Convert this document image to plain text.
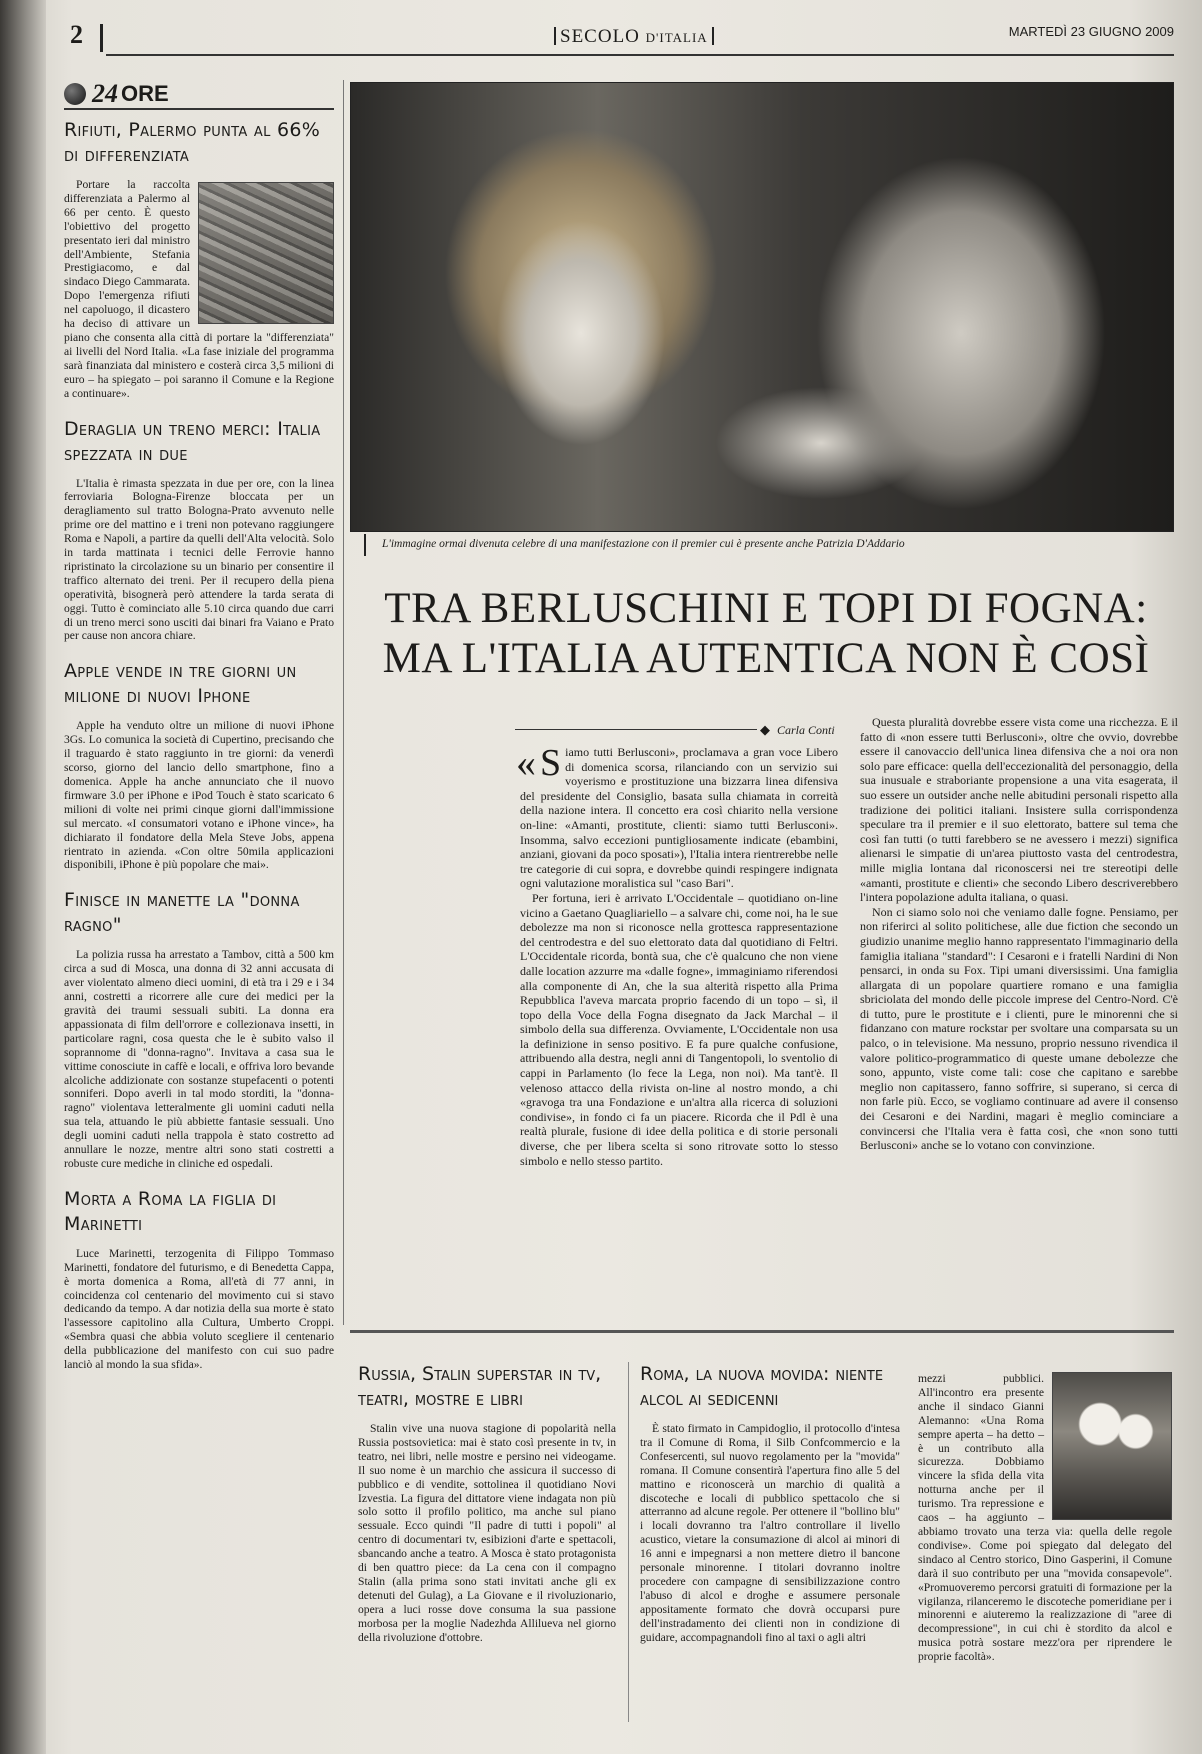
2	SECOLO D'ITALIA	MARTEDÌ 23 GIUGNO 2009
24 ORE
Rifiuti, Palermo punta al 66% di differenziata

Portare la raccolta differenziata a Palermo al 66 per cento. È questo l'obiettivo del progetto presentato ieri dal ministro dell'Ambiente, Stefania Prestigiacomo, e dal sindaco Diego Cammarata. Dopo l'emergenza rifiuti nel capoluogo, il dicastero ha deciso di attivare un piano che consenta alla città di portare la "differenziata" ai livelli del Nord Italia. «La fase iniziale del programma sarà finanziata dal ministero e costerà circa 3,5 milioni di euro – ha spiegato – poi saranno il Comune e la Regione a continuare».

Deraglia un treno merci: Italia spezzata in due

L'Italia è rimasta spezzata in due per ore, con la linea ferroviaria Bologna-Firenze bloccata per un deragliamento sul tratto Bologna-Prato avvenuto nelle prime ore del mattino e i treni non potevano raggiungere Roma e Napoli, a partire da quelli dell'Alta velocità. Solo in tarda mattinata i tecnici delle Ferrovie hanno ripristinato la circolazione su un binario per consentire il traffico alternato dei treni. Per il recupero della piena operatività, bisognerà però attendere la tarda serata di oggi. Tutto è cominciato alle 5.10 circa quando due carri di un treno merci sono usciti dai binari fra Vaiano e Prato per cause non ancora chiare.

Apple vende in tre giorni un milione di nuovi Iphone

Apple ha venduto oltre un milione di nuovi iPhone 3Gs. Lo comunica la società di Cupertino, precisando che il traguardo è stato raggiunto in tre giorni: da venerdì scorso, giorno del lancio dello smartphone, fino a domenica. Apple ha anche annunciato che il nuovo firmware 3.0 per iPhone e iPod Touch è stato scaricato 6 milioni di volte nei primi cinque giorni dall'immissione sul mercato. «I consumatori votano e iPhone vince», ha dichiarato il fondatore della Mela Steve Jobs, appena rientrato in azienda. «Con oltre 50mila applicazioni disponibili, iPhone è più popolare che mai».

Finisce in manette la "donna ragno"

La polizia russa ha arrestato a Tambov, città a 500 km circa a sud di Mosca, una donna di 32 anni accusata di aver violentato almeno dieci uomini, di età tra i 29 e i 34 anni, costretti a ricorrere alle cure dei medici per la gravità dei traumi sessuali subiti. La donna era appassionata di film dell'orrore e collezionava insetti, in particolare ragni, cosa questa che le è subito valso il soprannome di "donna-ragno". Invitava a casa sua le vittime conosciute in caffè e locali, e offriva loro bevande alcoliche addizionate con sostanze stupefacenti o potenti sonniferi. Dopo averli in tal modo storditi, la "donna-ragno" violentava letteralmente gli uomini caduti nella sua tela, attuando le più abbiette fantasie sessuali. Uno degli uomini caduti nella trappola è stato costretto ad annullare le nozze, mentre altri sono stati costretti a robuste cure mediche in cliniche ed ospedali.

Morta a Roma la figlia di Marinetti

Luce Marinetti, terzogenita di Filippo Tommaso Marinetti, fondatore del futurismo, e di Benedetta Cappa, è morta domenica a Roma, all'età di 77 anni, in coincidenza col centenario del movimento cui si stavo dedicando da tempo. A dar notizia della sua morte è stato l'assessore capitolino alla Cultura, Umberto Croppi. «Sembra quasi che abbia voluto scegliere il centenario della pubblicazione del manifesto con cui suo padre lanciò al mondo la sua sfida».

L'immagine ormai divenuta celebre di una manifestazione con il premier cui è presente anche Patrizia D'Addario

TRA BERLUSCHINI E TOPI DI FOGNA:
MA L'ITALIA AUTENTICA NON È COSÌ
◆ Carla Conti

« S iamo tutti Berlusconi», proclamava a gran voce Libero di domenica scorsa, rilanciando con un servizio sui voyerismo e prostituzione una bizzarra linea difensiva del presidente del Consiglio, basata sulla chiamata in correità della nazione intera. Il concetto era così chiarito nella versione on-line: «Amanti, prostitute, clienti: siamo tutti Berlusconi». Insomma, salvo eccezioni puntigliosamente indicate (ebambini, anziani, giovani da poco sposati»), l'Italia intera rientrerebbe nelle tre categorie di cui sopra, e dovrebbe quindi respingere indignata ogni valutazione moralistica sul "caso Bari".

Per fortuna, ieri è arrivato L'Occidentale – quotidiano on-line vicino a Gaetano Quagliariello – a salvare chi, come noi, ha le sue debolezze ma non si riconosce nella grottesca rappresentazione del centrodestra e del suo elettorato data dal quotidiano di Feltri. L'Occidentale ricorda, bontà sua, che c'è qualcuno che non viene dalle location azzurre ma «dalle fogne», immaginiamo riferendosi alla componente di An, che la sua alterità rispetto alla Prima Repubblica l'aveva marcata proprio facendo di un topo – sì, il topo della Voce della Fogna disegnato da Jack Marchal – il simbolo della sua differenza. Ovviamente, L'Occidentale non usa la definizione in senso positivo. E fa pure qualche confusione, attribuendo alla destra, negli anni di Tangentopoli, lo sventolio di cappi in Parlamento (lo fece la Lega, non noi). Ma tant'è. Il velenoso attacco della rivista on-line al nostro mondo, a chi «gravoga tra una Fondazione e un'altra alla ricerca di soluzioni condivise», in fondo ci fa un piacere. Ricorda che il Pdl è una realtà plurale, fusione di idee della politica e di storie personali diverse, che per libera scelta si sono ritrovate sotto lo stesso simbolo e nello stesso partito.

Questa pluralità dovrebbe essere vista come una ricchezza. E il fatto di «non essere tutti Berlusconi», oltre che ovvio, dovrebbe essere il canovaccio dell'unica linea difensiva che a noi ora non solo pare efficace: quella dell'eccezionalità del personaggio, della sua inusuale e straboriante propensione a una vita esagerata, il suo essere un outsider anche nelle abitudini personali rispetto alla tradizione dei politici italiani. Insistere sulla corrispondenza speculare tra il premier e il suo elettorato, battere sul tema che così fan tutti (o tutti farebbero se ne avessero i mezzi) significa alienarsi le simpatie di un'area piuttosto vasta del centrodestra, mille miglia lontana dal riconoscersi nei tre stereotipi delle «amanti, prostitute e clienti» che secondo Libero descriverebbero l'intera popolazione adulta italiana, o quasi.

Non ci siamo solo noi che veniamo dalle fogne. Pensiamo, per non riferirci al solito politichese, alle due fiction che secondo un giudizio unanime meglio hanno rappresentato l'immaginario della famiglia italiana "standard": I Cesaroni e i fratelli Nardini di Non pensarci, in onda su Fox. Tipi umani diversissimi. Una famiglia allargata di un popolare quartiere romano e una famiglia sbriciolata del mondo delle piccole imprese del Centro-Nord. C'è di tutto, pure le prostitute e i clienti, pure le minorenni che si fidanzano con mature rockstar per svoltare una comparsata su un palco, o in televisione. Ma nessuno, proprio nessuno rivendica il valore politico-programmatico di queste umane debolezze che sono, appunto, viste come tali: cose che capitano e sarebbe meglio non capitassero, fanno soffrire, si superano, si cerca di non farle più. Ecco, se vogliamo continuare ad avere il consenso dei Cesaroni e dei Nardini, magari è meglio cominciare a convincersi che l'Italia vera è fatta così, che «non sono tutti Berlusconi» anche se lo votano con convinzione.

Russia, Stalin superstar in tv, teatri, mostre e libri

Stalin vive una nuova stagione di popolarità nella Russia postsovietica: mai è stato così presente in tv, in teatro, nei libri, nelle mostre e persino nei videogame. Il suo nome è un marchio che assicura il successo di pubblico e di vendite, sottolinea il quotidiano Novi Izvestia. La figura del dittatore viene indagata non più solo sotto il profilo politico, ma anche sul piano sessuale. Ecco quindi "Il padre di tutti i popoli" al centro di documentari tv, esibizioni d'arte e spettacoli, sbancando anche a teatro. A Mosca è stato protagonista di ben quattro piece: da La cena con il compagno Stalin (alla prima sono stati invitati anche gli ex detenuti del Gulag), a La Giovane e il rivoluzionario, opera a luci rosse dove consuma la sua passione morbosa per la moglie Nadezhda Allilueva nel giorno della rivoluzione d'ottobre.

Roma, la nuova movida: niente alcol ai sedicenni

È stato firmato in Campidoglio, il protocollo d'intesa tra il Comune di Roma, il Silb Confcommercio e la Confesercenti, sul nuovo regolamento per la "movida" romana. Il Comune consentirà l'apertura fino alle 5 del mattino e riconoscerà un marchio di qualità a discoteche e locali di pubblico spettacolo che si atterranno ad alcune regole. Per ottenere il "bollino blu" i locali dovranno tra l'altro controllare il livello acustico, vietare la consumazione di alcol ai minori di 16 anni e impegnarsi a non mettere dietro il bancone personale minorenne. I titolari dovranno inoltre procedere con campagne di sensibilizzazione contro l'abuso di alcol e droghe e assumere personale appositamente formato che dovrà occuparsi pure dell'instradamento dei clienti non in condizione di guidare, accompagnandoli fino al taxi o agli altri

mezzi pubblici. All'incontro era presente anche il sindaco Gianni Alemanno: «Una Roma sempre aperta – ha detto – è un contributo alla sicurezza. Dobbiamo vincere la sfida della vita notturna anche per il turismo. Tra repressione e caos – ha aggiunto – abbiamo trovato una terza via: quella delle regole condivise». Come poi spiegato dal delegato del sindaco al Centro storico, Dino Gasperini, il Comune darà il suo contributo per una "movida consapevole". «Promuoveremo percorsi gratuiti di formazione per la vigilanza, rilanceremo le discoteche pomeridiane per i minorenni e aiuteremo la realizzazione di "aree di decompressione", in cui chi è stordito da alcol e musica potrà sostare mezz'ora per riprendere le proprie facoltà».
